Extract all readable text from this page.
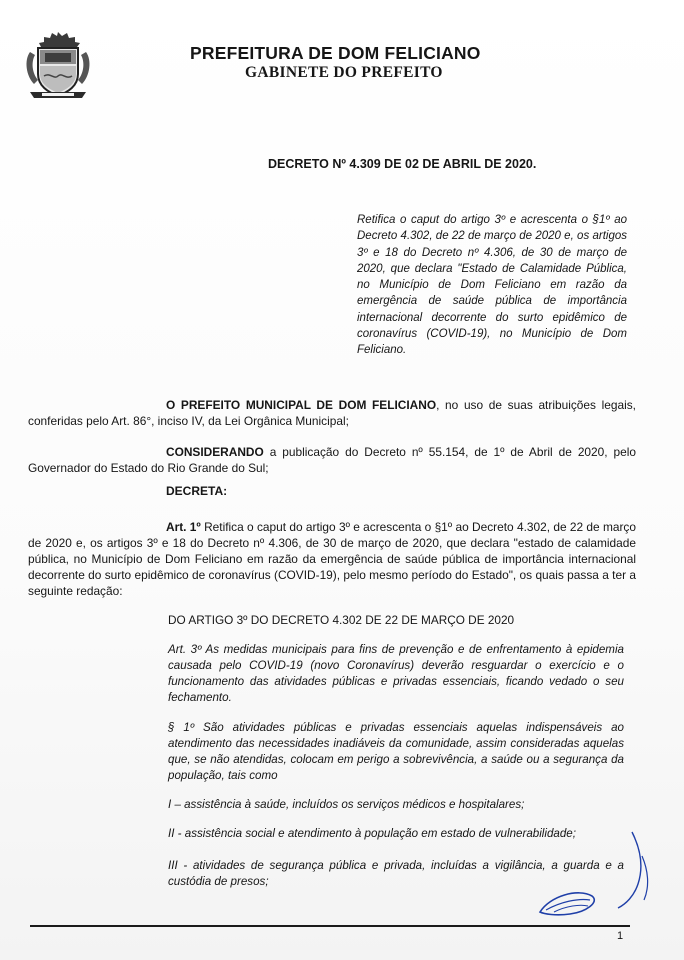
PREFEITURA DE DOM FELICIANO
GABINETE DO PREFEITO
DECRETO Nº 4.309 DE 02 DE ABRIL DE 2020.
Retifica o caput do artigo 3º e acrescenta o §1º ao Decreto 4.302, de 22 de março de 2020 e, os artigos 3º e 18 do Decreto nº 4.306, de 30 de março de 2020, que declara "Estado de Calamidade Pública, no Município de Dom Feliciano em razão da emergência de saúde pública de importância internacional decorrente do surto epidêmico de coronavírus (COVID-19), no Município de Dom Feliciano.
O PREFEITO MUNICIPAL DE DOM FELICIANO, no uso de suas atribuições legais, conferidas pelo Art. 86°, inciso IV, da Lei Orgânica Municipal;
CONSIDERANDO a publicação do Decreto nº 55.154, de 1º de Abril de 2020, pelo Governador do Estado do Rio Grande do Sul;
DECRETA:
Art. 1º Retifica o caput do artigo 3º e acrescenta o §1º ao Decreto 4.302, de 22 de março de 2020 e, os artigos 3º e 18 do Decreto nº 4.306, de 30 de março de 2020, que declara "estado de calamidade pública, no Município de Dom Feliciano em razão da emergência de saúde pública de importância internacional decorrente do surto epidêmico de coronavírus (COVID-19), pelo mesmo período do Estado", os quais passa a ter a seguinte redação:
DO ARTIGO 3º DO DECRETO 4.302 DE 22 DE MARÇO DE 2020
Art. 3º As medidas municipais para fins de prevenção e de enfrentamento à epidemia causada pelo COVID-19 (novo Coronavírus) deverão resguardar o exercício e o funcionamento das atividades públicas e privadas essenciais, ficando vedado o seu fechamento.
§ 1º São atividades públicas e privadas essenciais aquelas indispensáveis ao atendimento das necessidades inadiáveis da comunidade, assim consideradas aquelas que, se não atendidas, colocam em perigo a sobrevivência, a saúde ou a segurança da população, tais como
I – assistência à saúde, incluídos os serviços médicos e hospitalares;
II - assistência social e atendimento à população em estado de vulnerabilidade;
III - atividades de segurança pública e privada, incluídas a vigilância, a guarda e a custódia de presos;
1
